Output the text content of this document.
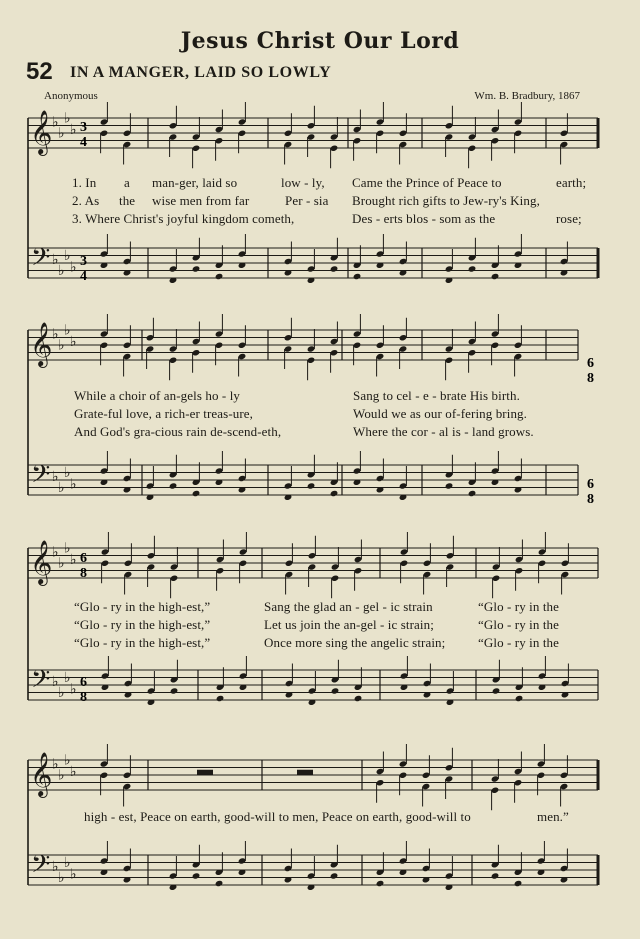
Jesus Christ Our Lord
52 IN A MANGER, LAID SO LOWLY
Anonymous	Wm. B. Bradbury, 1867
𝄞
𝄢
𝄞
𝄢
𝄞
𝄢
𝄞
𝄢
♭
♭
♭
♭
♭
♭
♭
♭
♭
♭
♭
♭
♭
♭
♭
♭
♭
♭
♭
♭
♭
♭
♭
♭
♭
♭
♭
♭
♭
♭
♭
♭
3
4
3
4
6
8
6
8
6
8
6
8
1. In a man-ger, laid so	low - ly, Came the Prince of Peace to	earth;
2. As the wise men from far	Per - sia Brought rich gifts to Jew-ry's King,
3. Where Christ's joyful kingdom cometh,	Des - erts blos - som as the	rose;
While a choir of an-gels ho - ly	Sang to cel - e - brate His birth.
Grate-ful love, a rich-er treas-ure,	Would we as our of-fering bring.
And God's gra-cious rain de-scend-eth,	Where the cor - al is - land grows.
“Glo - ry in the high-est,”	Sang the glad an - gel - ic strain	“Glo - ry in the
“Glo - ry in the high-est,”	Let us join the an-gel - ic strain;	“Glo - ry in the
“Glo - ry in the high-est,”	Once more sing the angelic strain;	“Glo - ry in the
high - est, Peace on earth, good-will to men, Peace on earth, good-will to	men.”
